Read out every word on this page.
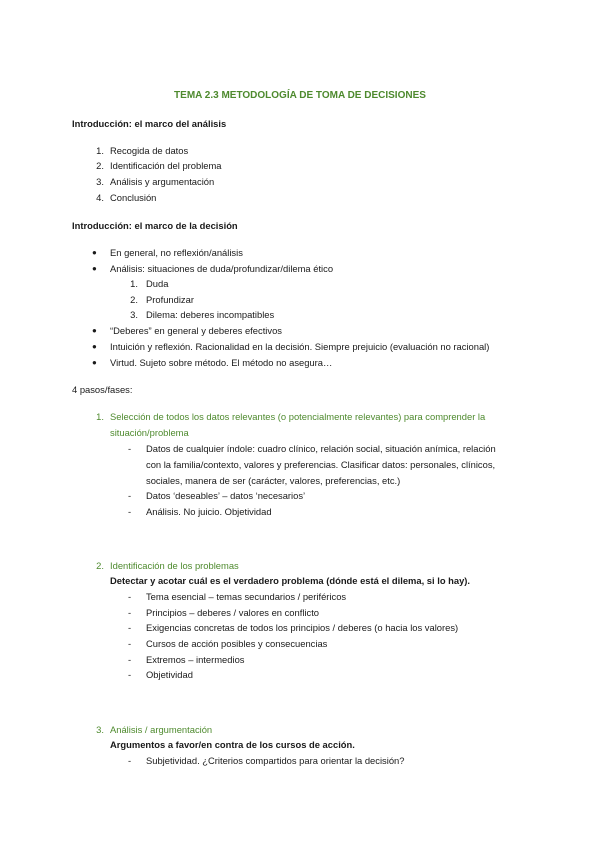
TEMA 2.3 METODOLOGÍA DE TOMA DE DECISIONES
Introducción: el marco del análisis
1. Recogida de datos
2. Identificación del problema
3. Análisis y argumentación
4. Conclusión
Introducción: el marco de la decisión
● En general, no reflexión/análisis
● Análisis: situaciones de duda/profundizar/dilema ético
1. Duda
2. Profundizar
3. Dilema: deberes incompatibles
● “Deberes” en general y deberes efectivos
● Intuición y reflexión. Racionalidad en la decisión. Siempre prejuicio (evaluación no racional)
● Virtud. Sujeto sobre método. El método no asegura…
4 pasos/fases:
1. Selección de todos los datos relevantes (o potencialmente relevantes) para comprender la
situación/problema
- Datos de cualquier índole: cuadro clínico, relación social, situación anímica, relación
con la familia/contexto, valores y preferencias. Clasificar datos: personales, clínicos,
sociales, manera de ser (carácter, valores, preferencias, etc.)
- Datos ‘deseables’ – datos ‘necesarios’
- Análisis. No juicio. Objetividad
2. Identificación de los problemas
Detectar y acotar cuál es el verdadero problema (dónde está el dilema, si lo hay).
- Tema esencial – temas secundarios / periféricos
- Principios – deberes / valores en conflicto
- Exigencias concretas de todos los principios / deberes (o hacia los valores)
- Cursos de acción posibles y consecuencias
- Extremos – intermedios
- Objetividad
3. Análisis / argumentación
Argumentos a favor/en contra de los cursos de acción.
- Subjetividad. ¿Criterios compartidos para orientar la decisión?
